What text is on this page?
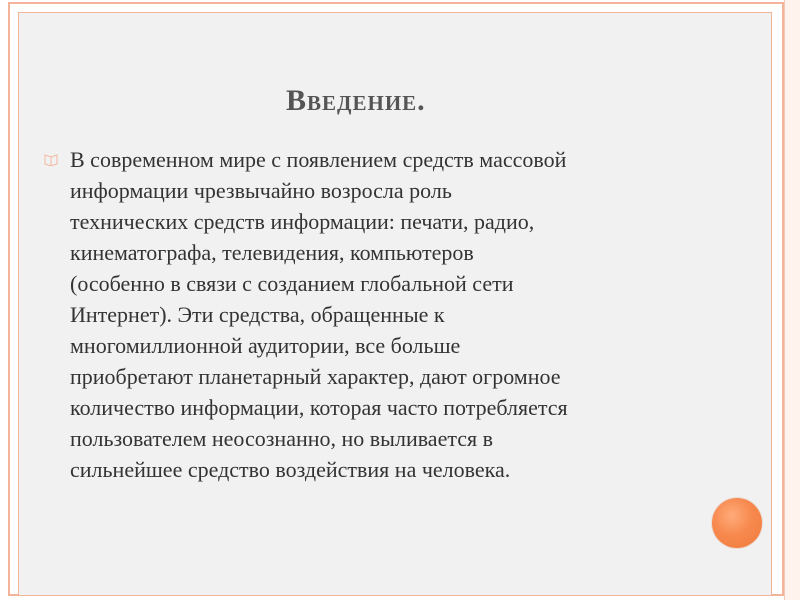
Введение.
В современном мире с появлением средств массовой
информации чрезвычайно возросла роль
технических средств информации: печати, радио,
кинематографа, телевидения, компьютеров
(особенно в связи с созданием глобальной сети
Интернет). Эти средства, обращенные к
многомиллионной аудитории, все больше
приобретают планетарный характер, дают огромное
количество информации, которая часто потребляется
пользователем неосознанно, но выливается в
сильнейшее средство воздействия на человека.
